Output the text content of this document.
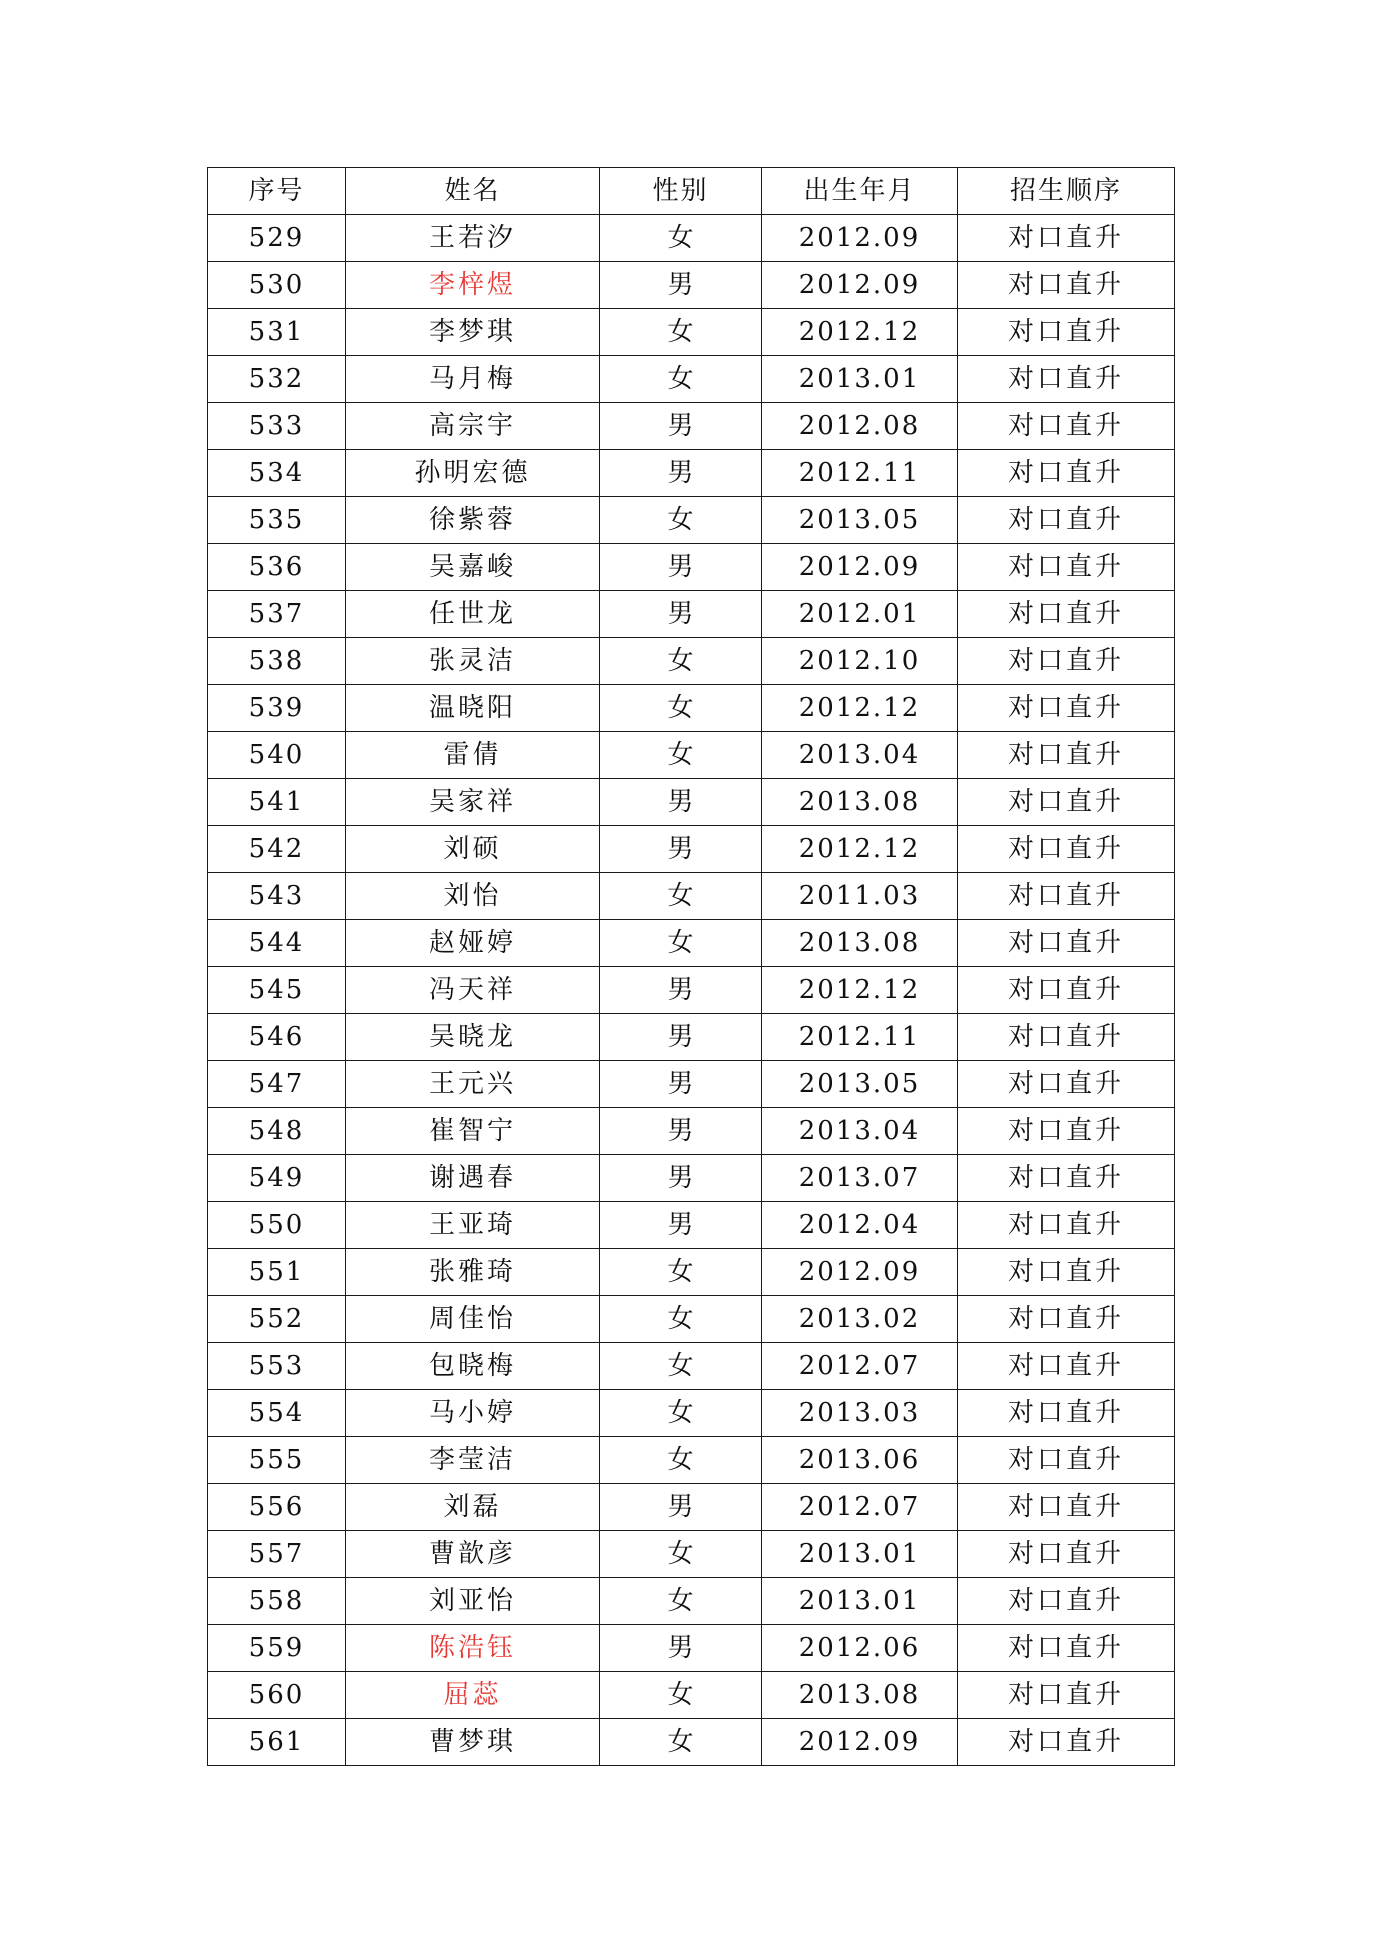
序号	姓名	性别	出生年月	招生顺序
529	王若汐	女	2012.09	对口直升
530	李梓煜	男	2012.09	对口直升
531	李梦琪	女	2012.12	对口直升
532	马月梅	女	2013.01	对口直升
533	高宗宇	男	2012.08	对口直升
534	孙明宏德	男	2012.11	对口直升
535	徐紫蓉	女	2013.05	对口直升
536	吴嘉峻	男	2012.09	对口直升
537	任世龙	男	2012.01	对口直升
538	张灵洁	女	2012.10	对口直升
539	温晓阳	女	2012.12	对口直升
540	雷倩	女	2013.04	对口直升
541	吴家祥	男	2013.08	对口直升
542	刘硕	男	2012.12	对口直升
543	刘怡	女	2011.03	对口直升
544	赵娅婷	女	2013.08	对口直升
545	冯天祥	男	2012.12	对口直升
546	吴晓龙	男	2012.11	对口直升
547	王元兴	男	2013.05	对口直升
548	崔智宁	男	2013.04	对口直升
549	谢遇春	男	2013.07	对口直升
550	王亚琦	男	2012.04	对口直升
551	张雅琦	女	2012.09	对口直升
552	周佳怡	女	2013.02	对口直升
553	包晓梅	女	2012.07	对口直升
554	马小婷	女	2013.03	对口直升
555	李莹洁	女	2013.06	对口直升
556	刘磊	男	2012.07	对口直升
557	曹歆彦	女	2013.01	对口直升
558	刘亚怡	女	2013.01	对口直升
559	陈浩钰	男	2012.06	对口直升
560	屈蕊	女	2013.08	对口直升
561	曹梦琪	女	2012.09	对口直升
